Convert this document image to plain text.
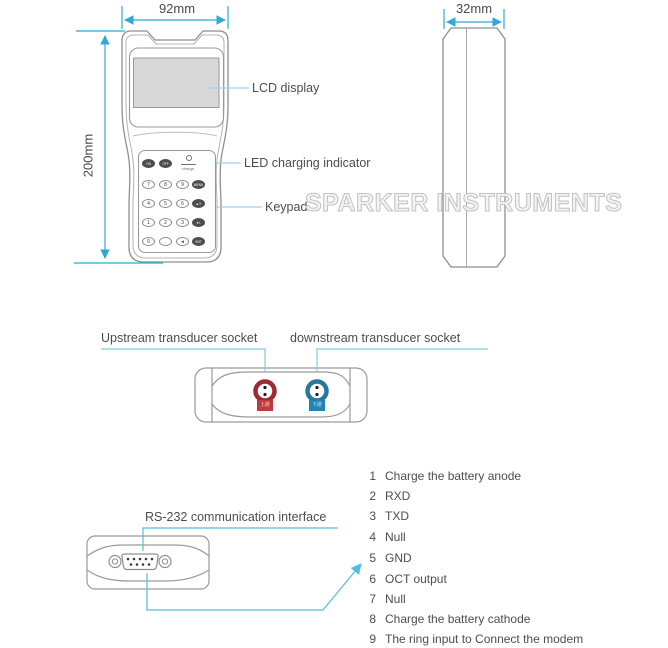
92mm
200mm
32mm
LCD display
LED charging indicator
Keypad
Upstream transducer socket	downstream transducer socket
RS-232 communication interface
上游	下游
ON	OFF
charge
7	8	9	MENU
4	5	6	▲/+
1	2	3	▼/-
0	.	◄	ENT
1 Charge the battery anode
2 RXD
3 TXD
4 Null
5 GND
6 OCT output
7 Null
8 Charge the battery cathode
9 The ring input to Connect the modem
SPARKER INSTRUMENTS
